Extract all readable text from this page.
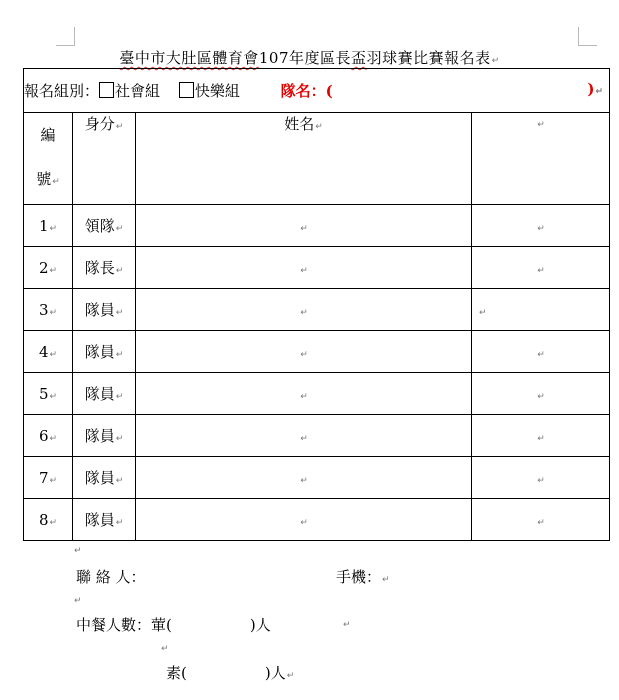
臺中市大肚區體育會107年度區長盃羽球賽比賽報名表↵
報名組別： 社會組 快樂組 隊名：( )↵			

編
號↵	身分↵	姓名↵	↵
1↵	領隊↵	↵	↵
2↵	隊長↵	↵	↵
3↵	隊員↵	↵	↵
4↵	隊員↵	↵	↵
5↵	隊員↵	↵	↵
6↵	隊員↵	↵	↵
7↵	隊員↵	↵	↵
8↵	隊員↵	↵	↵
聯 絡 人：	手機：↵
中餐人數：葷(	)人
素(	)人↵
↵
↵
↵
↵
